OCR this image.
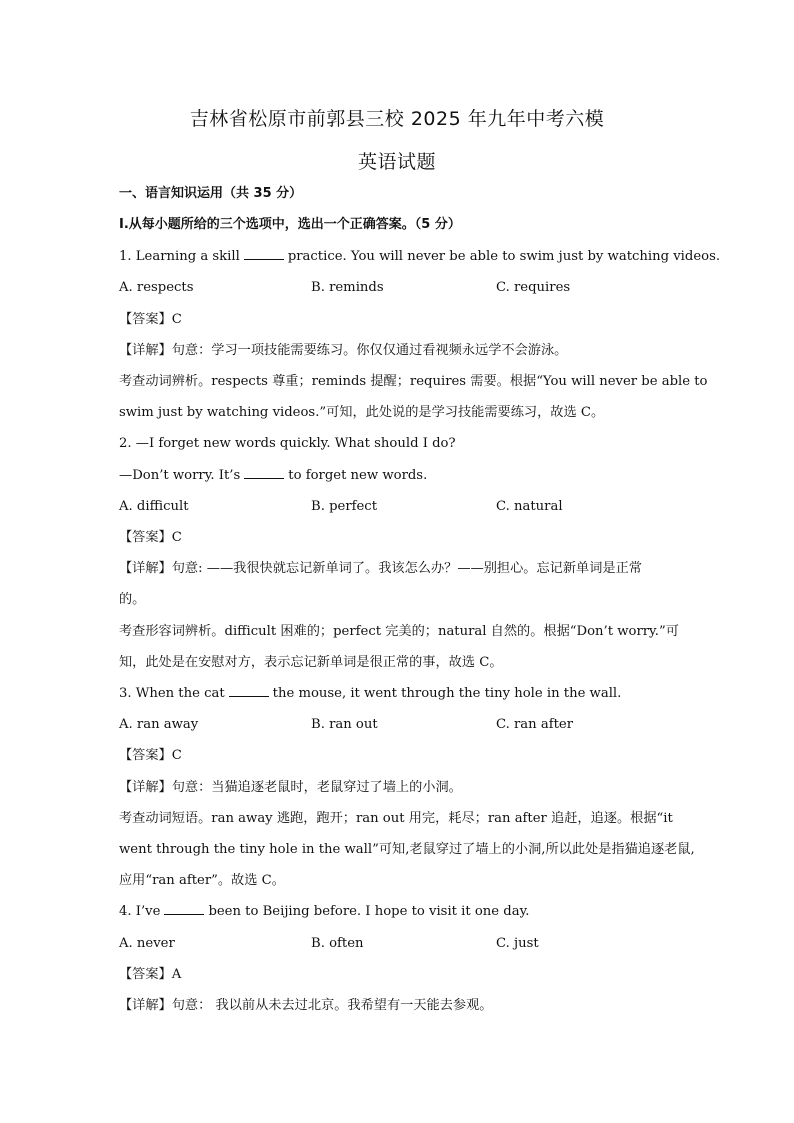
吉林省松原市前郭县三校 2025 年九年中考六模
英语试题
一、语言知识运用（共 35 分）
Ⅰ.从每小题所给的三个选项中，选出一个正确答案。（5 分）
1. Learning a skill	practice. You will never be able to swim just by watching videos.
A. respects	B. reminds	C. requires
【答案】C
【详解】句意：学习一项技能需要练习。你仅仅通过看视频永远学不会游泳。
考查动词辨析。respects 尊重；reminds 提醒；requires 需要。根据“You will never be able to
swim just by watching videos.”可知，此处说的是学习技能需要练习，故选 C。
2. —I forget new words quickly. What should I do?
—Don’t worry. It’s	to forget new words.
A. difficult	B. perfect	C. natural
【答案】C
【详解】句意: ——我很快就忘记新单词了。我该怎么办？——别担心。忘记新单词是正常
的。
考查形容词辨析。difficult 困难的；perfect 完美的；natural 自然的。根据“Don’t worry.”可
知，此处是在安慰对方，表示忘记新单词是很正常的事，故选 C。
3. When the cat	the mouse, it went through the tiny hole in the wall.
A. ran away	B. ran out	C. ran after
【答案】C
【详解】句意：当猫追逐老鼠时，老鼠穿过了墙上的小洞。
考查动词短语。ran away 逃跑，跑开；ran out 用完，耗尽；ran after 追赶，追逐。根据“it
went through the tiny hole in the wall”可知,老鼠穿过了墙上的小洞,所以此处是指猫追逐老鼠,
应用“ran after”。故选 C。
4. I’ve	been to Beijing before. I hope to visit it one day.
A. never	B. often	C. just
【答案】A
【详解】句意： 我以前从未去过北京。我希望有一天能去参观。
